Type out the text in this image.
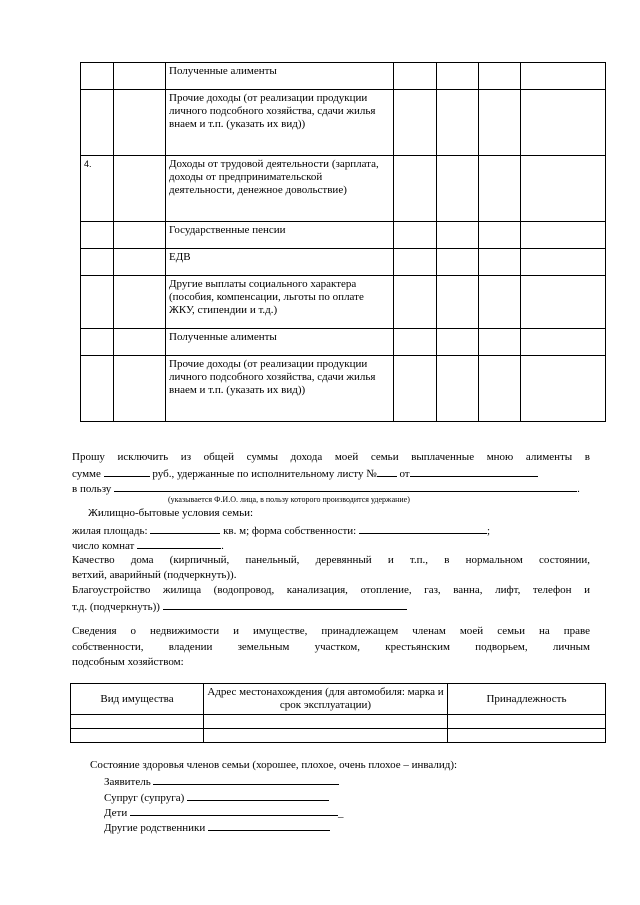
		Полученные алименты				
		Прочие доходы (от реализации продукции личного подсобного хозяйства, сдачи жилья внаем и т.п. (указать их вид))				
4.		Доходы от трудовой деятельности (зарплата, доходы от предпринимательской деятельности, денежное довольствие)				
		Государственные пенсии				
		ЕДВ				
		Другие выплаты социального характера (пособия, компенсации, льготы по оплате ЖКУ, стипендии и т.д.)				
		Полученные алименты				
		Прочие доходы (от реализации продукции личного подсобного хозяйства, сдачи жилья внаем и т.п. (указать их вид))				
Прошу исключить из общей суммы дохода моей семьи выплаченные мною алименты в
сумме	руб., удержанные по исполнительному листу № от
в пользу	.
(указывается Ф.И.О. лица, в пользу которого производится удержание)
Жилищно-бытовые условия семьи:
жилая площадь:	кв. м; форма собственности:	;
число комнат	.
Качество дома (кирпичный, панельный, деревянный и т.п., в нормальном состоянии,
ветхий, аварийный (подчеркнуть)).
Благоустройство жилища (водопровод, канализация, отопление, газ, ванна, лифт, телефон и
т.д. (подчеркнуть))
Сведения о недвижимости и имуществе, принадлежащем членам моей семьи на праве
собственности, владении земельным участком, крестьянским подворьем, личным
подсобным хозяйством:
Вид имущества	Адрес местонахождения (для автомобиля: марка и срок эксплуатации)	Принадлежность

Состояние здоровья членов семьи (хорошее, плохое, очень плохое – инвалид):
Заявитель
Супруг (супруга)
Дети	_
Другие родственники
